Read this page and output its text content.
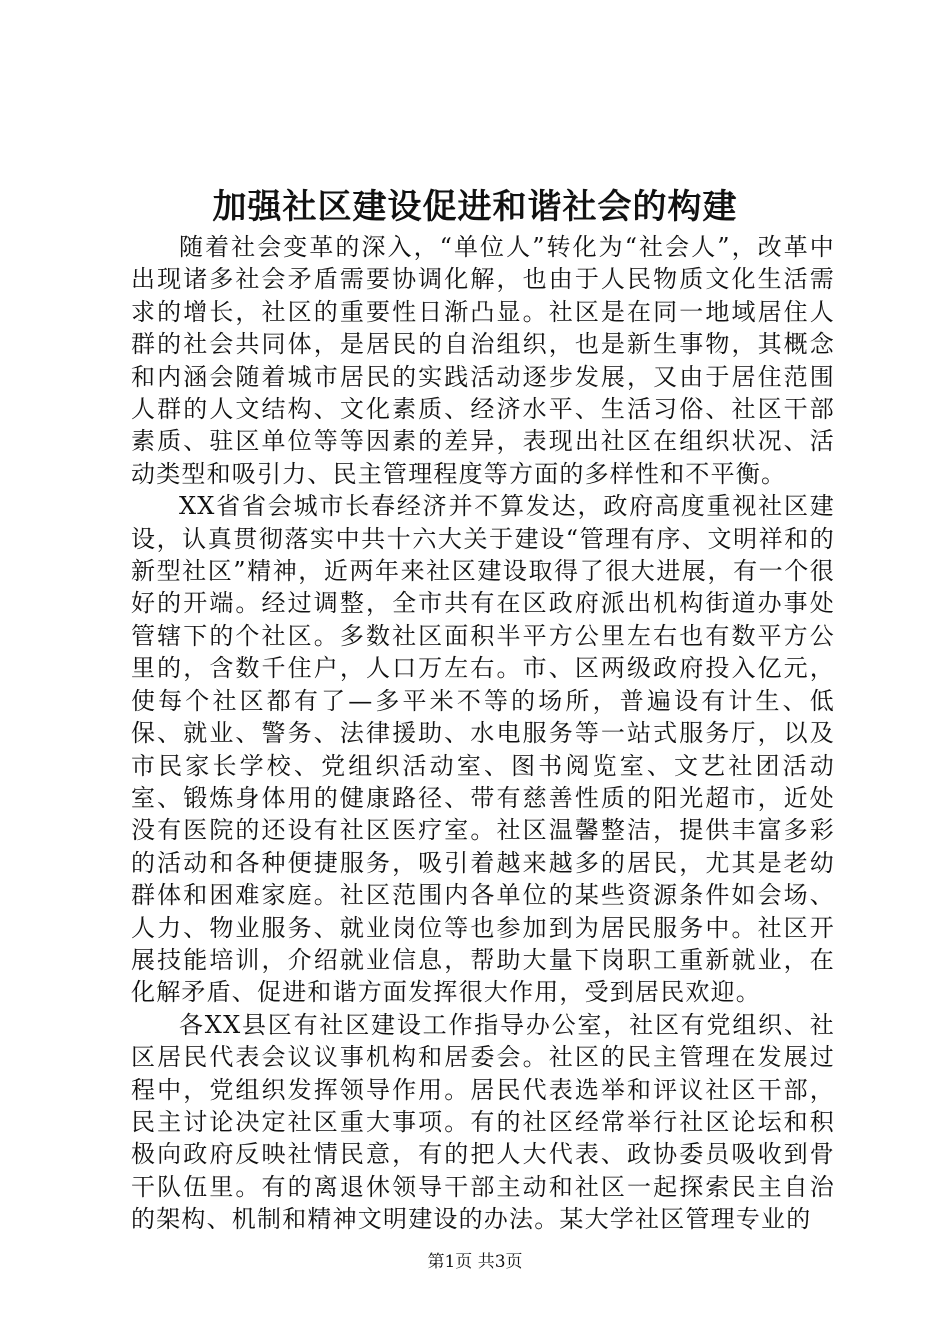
加强社区建设促进和谐社会的构建

随着社会变革的深入，“单位人”转化为“社会人”，改革中出现诸多社会矛盾需要协调化解，也由于人民物质文化生活需求的增长，社区的重要性日渐凸显。社区是在同一地域居住人群的社会共同体，是居民的自治组织，也是新生事物，其概念和内涵会随着城市居民的实践活动逐步发展，又由于居住范围人群的人文结构、文化素质、经济水平、生活习俗、社区干部素质、驻区单位等等因素的差异，表现出社区在组织状况、活动类型和吸引力、民主管理程度等方面的多样性和不平衡。

XX省省会城市长春经济并不算发达，政府高度重视社区建设，认真贯彻落实中共十六大关于建设“管理有序、文明祥和的新型社区”精神，近两年来社区建设取得了很大进展，有一个很好的开端。经过调整，全市共有在区政府派出机构街道办事处管辖下的个社区。多数社区面积半平方公里左右也有数平方公里的，含数千住户，人口万左右。市、区两级政府投入亿元，使每个社区都有了—多平米不等的场所，普遍设有计生、低保、就业、警务、法律援助、水电服务等一站式服务厅，以及市民家长学校、党组织活动室、图书阅览室、文艺社团活动室、锻炼身体用的健康路径、带有慈善性质的阳光超市，近处没有医院的还设有社区医疗室。社区温馨整洁，提供丰富多彩的活动和各种便捷服务，吸引着越来越多的居民，尤其是老幼群体和困难家庭。社区范围内各单位的某些资源条件如会场、人力、物业服务、就业岗位等也参加到为居民服务中。社区开展技能培训，介绍就业信息，帮助大量下岗职工重新就业，在化解矛盾、促进和谐方面发挥很大作用，受到居民欢迎。

各XX县区有社区建设工作指导办公室，社区有党组织、社区居民代表会议议事机构和居委会。社区的民主管理在发展过程中，党组织发挥领导作用。居民代表选举和评议社区干部，民主讨论决定社区重大事项。有的社区经常举行社区论坛和积极向政府反映社情民意，有的把人大代表、政协委员吸收到骨干队伍里。有的离退休领导干部主动和社区一起探索民主自治的架构、机制和精神文明建设的办法。某大学社区管理专业的

第1页 共3页
